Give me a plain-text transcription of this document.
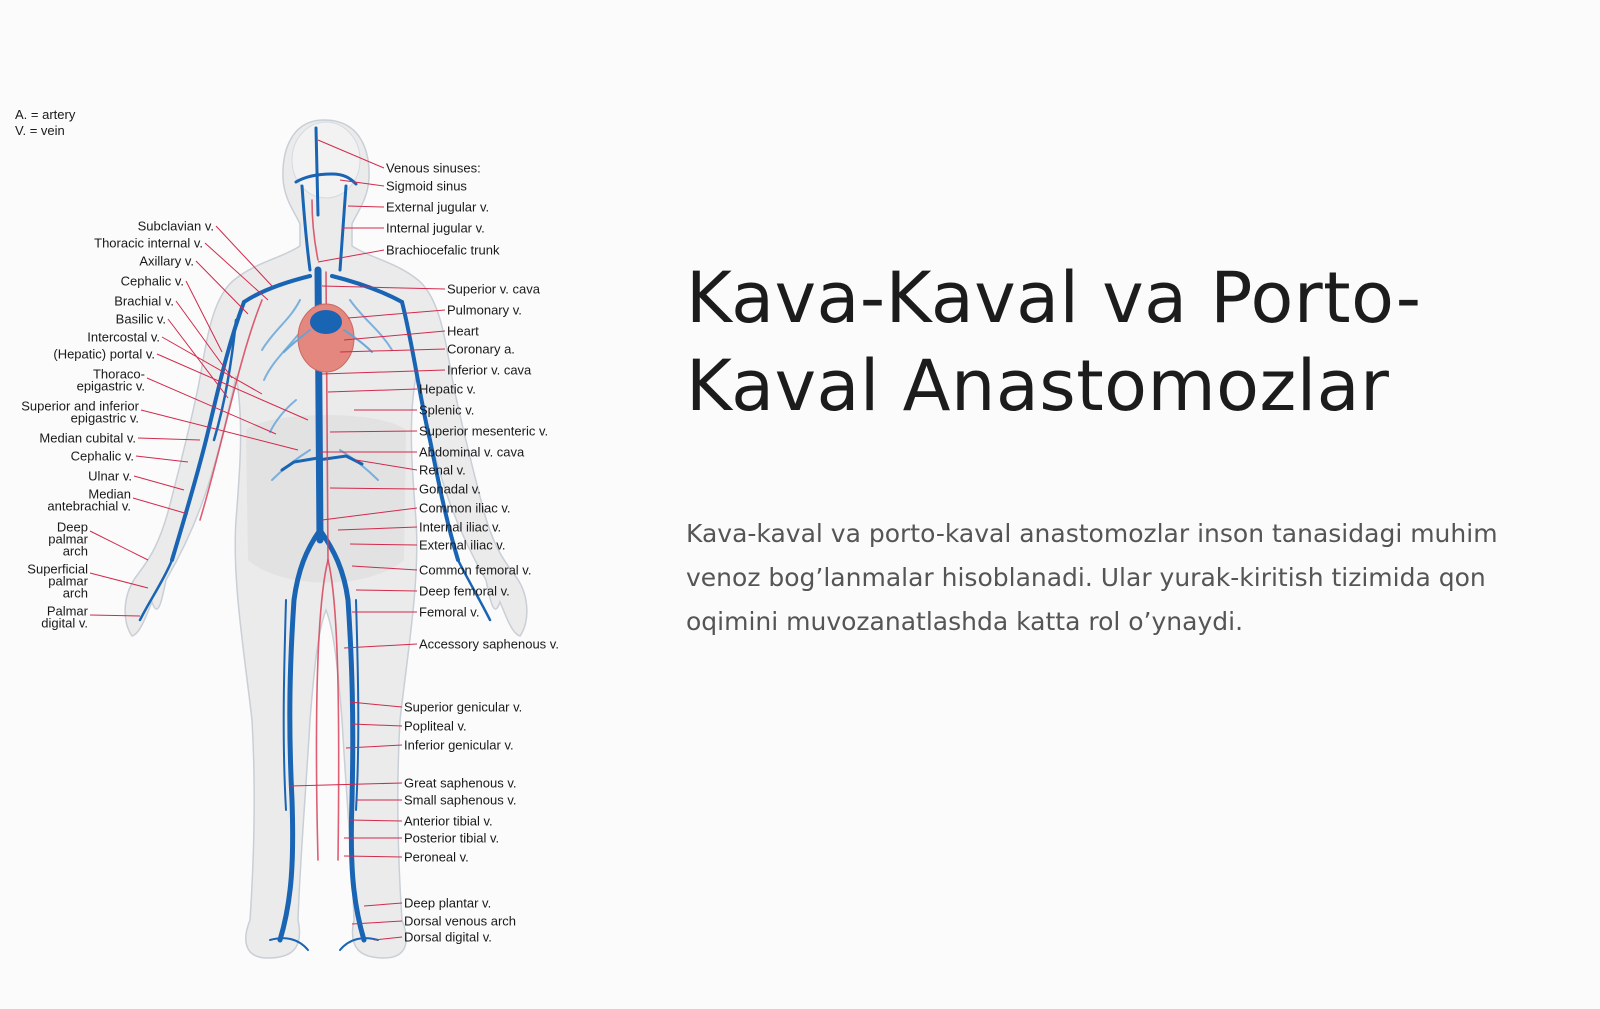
A. = artery
V. = vein
Venous sinuses:
Sigmoid sinus
External jugular v.
Internal jugular v.
Brachiocefalic trunk
Superior v. cava
Pulmonary v.
Heart
Coronary a.
Inferior v. cava
Hepatic v.
Splenic v.
Superior mesenteric v.
Abdominal v. cava
Renal v.
Gonadal v.
Common iliac v.
Internal iliac v.
External iliac v.
Common femoral v.
Deep femoral v.
Femoral v.
Accessory saphenous v.
Superior genicular v.
Popliteal v.
Inferior genicular v.
Great saphenous v.
Small saphenous v.
Anterior tibial v.
Posterior tibial v.
Peroneal v.
Deep plantar v.
Dorsal venous arch
Dorsal digital v.
Subclavian v.
Thoracic internal v.
Axillary v.
Cephalic v.
Brachial v.
Basilic v.
Intercostal v.
(Hepatic) portal v.
Thoraco-epigastric v.
Superior and inferior epigastric v.
Median cubital v.
Cephalic v.
Ulnar v.
Median antebrachial v.
Deep palmar arch
Superficial palmar arch
Palmar digital v.
Kava-Kaval va Porto-Kaval Anastomozlar

Kava-kaval va porto-kaval anastomozlar inson tanasidagi muhim venoz bog’lanmalar hisoblanadi. Ular yurak-kiritish tizimida qon oqimini muvozanatlashda katta rol o’ynaydi.
